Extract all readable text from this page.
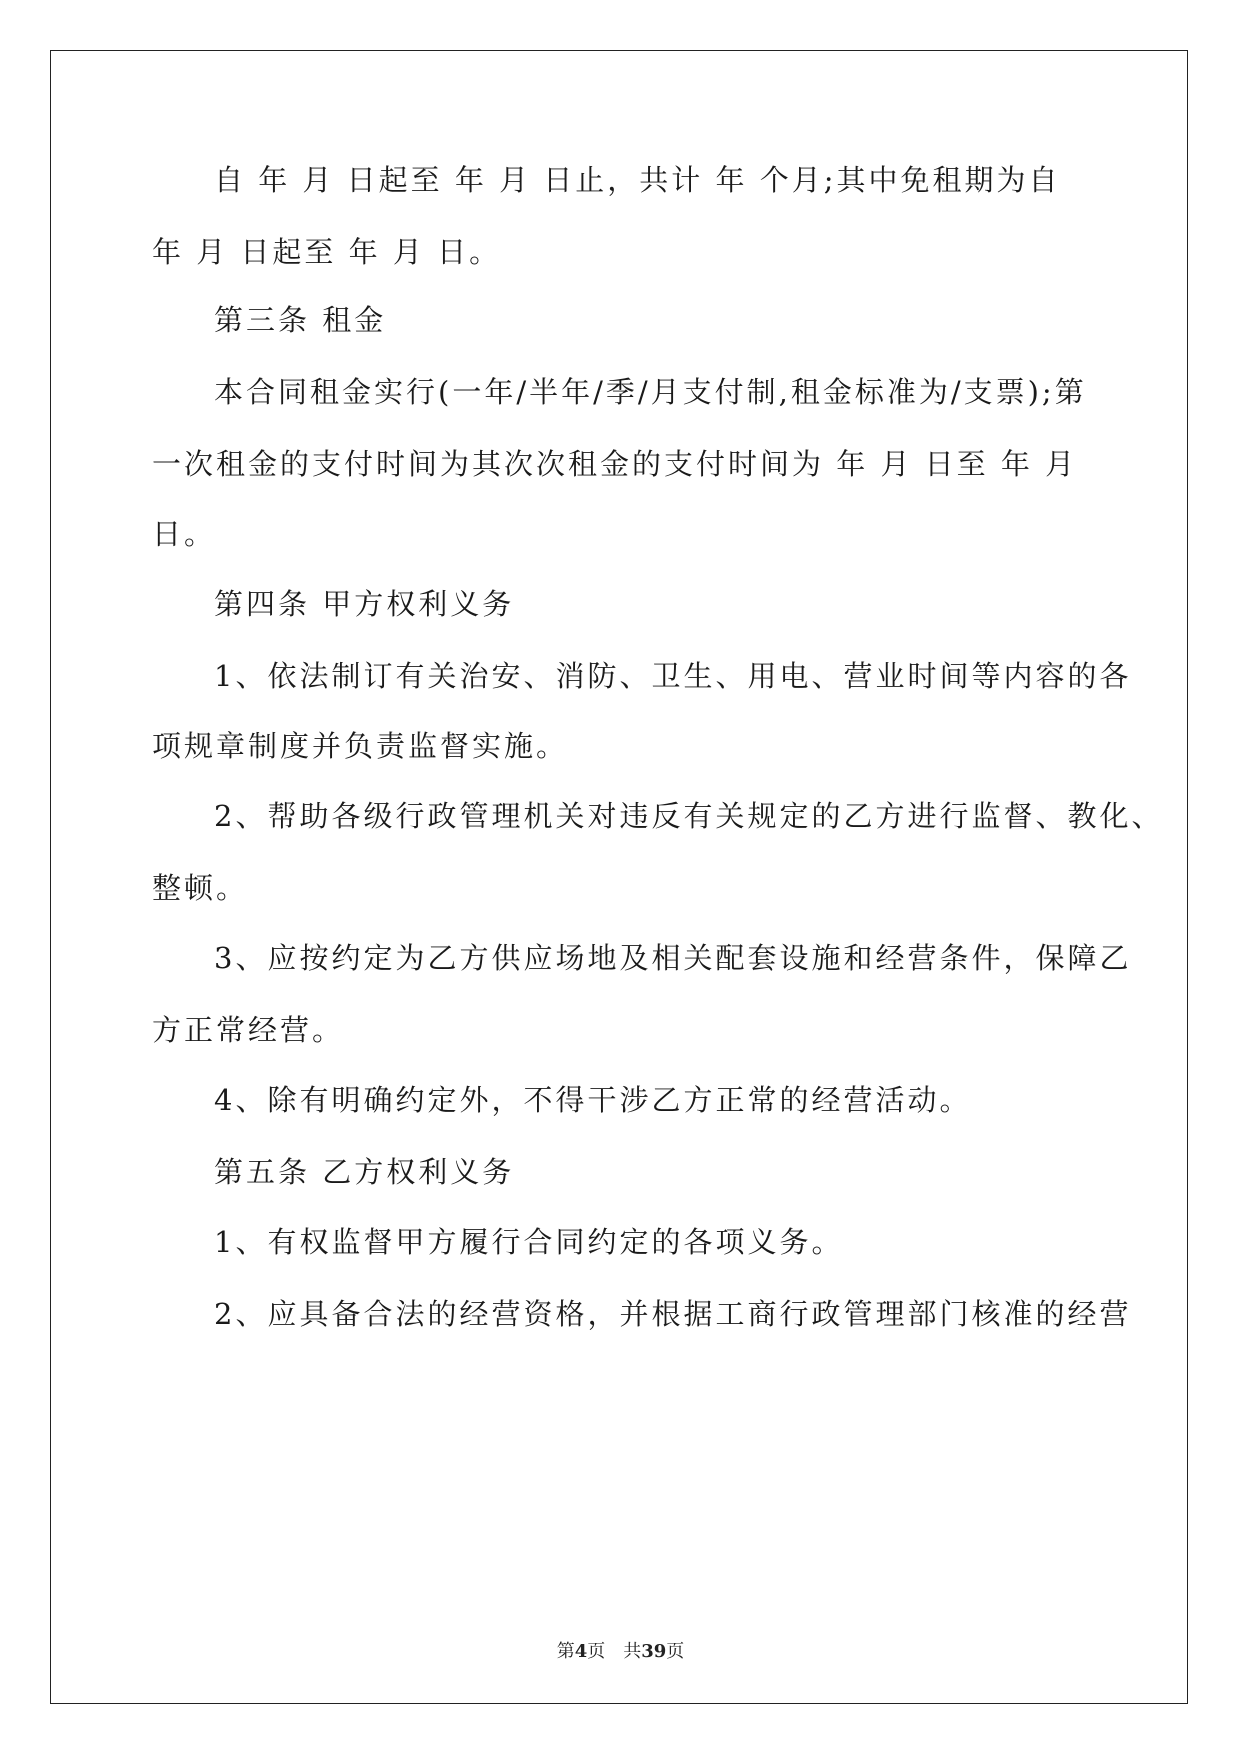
自 年 月 日起至 年 月 日止，共计 年 个月;其中免租期为自
年 月 日起至 年 月 日。
第三条 租金
本合同租金实行(一年/半年/季/月支付制,租金标准为/支票);第
一次租金的支付时间为其次次租金的支付时间为 年 月 日至 年 月
日。
第四条 甲方权利义务
1、依法制订有关治安、消防、卫生、用电、营业时间等内容的各
项规章制度并负责监督实施。
2、帮助各级行政管理机关对违反有关规定的乙方进行监督、教化、
整顿。
3、应按约定为乙方供应场地及相关配套设施和经营条件，保障乙
方正常经营。
4、除有明确约定外，不得干涉乙方正常的经营活动。
第五条 乙方权利义务
1、有权监督甲方履行合同约定的各项义务。
2、应具备合法的经营资格，并根据工商行政管理部门核准的经营
第4页　共39页
